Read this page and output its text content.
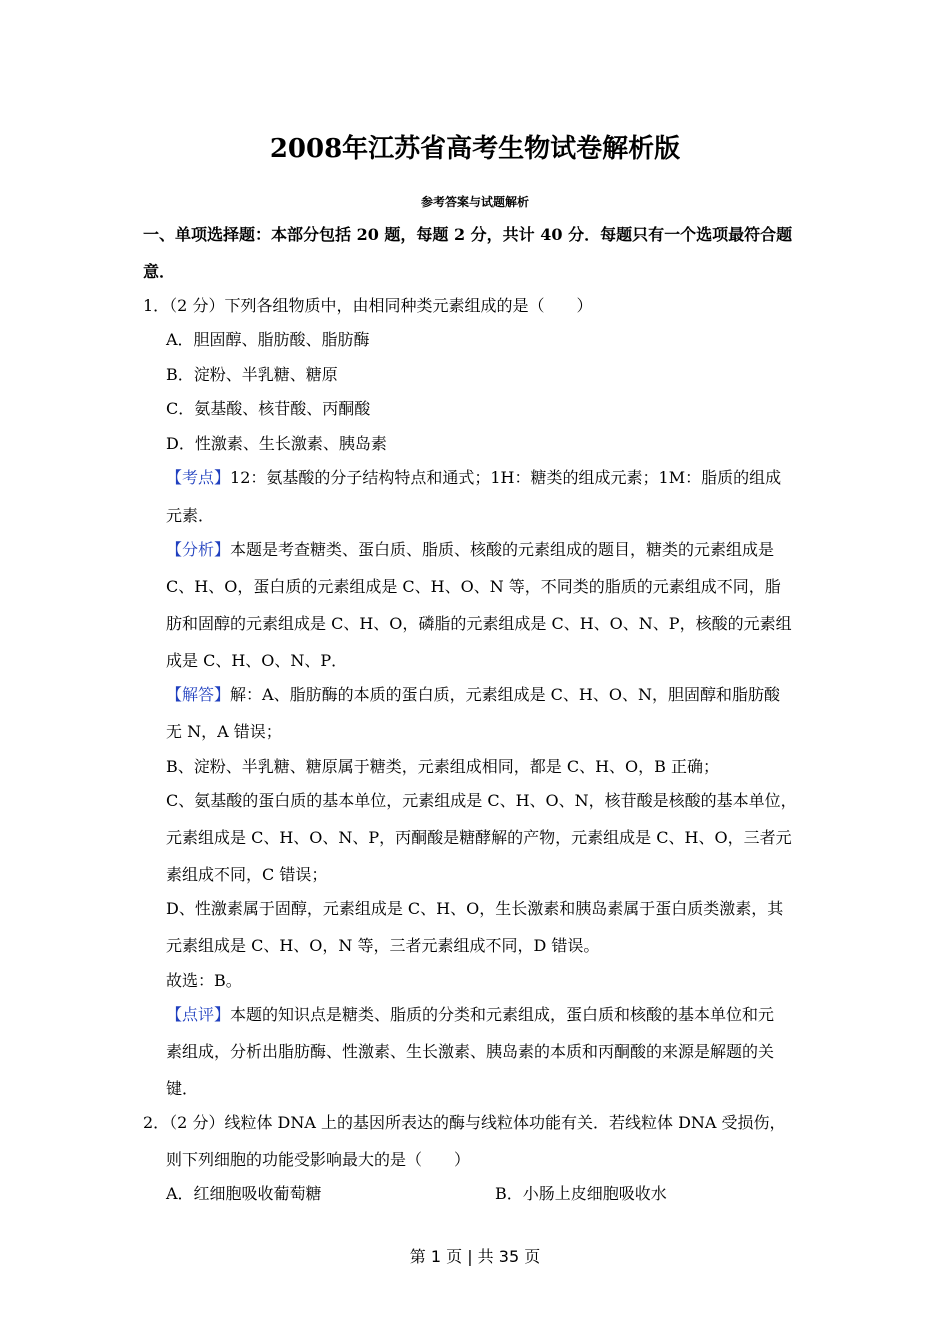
2008年江苏省高考生物试卷解析版
参考答案与试题解析
一、单项选择题：本部分包括 20 题，每题 2 分，共计 40 分．每题只有一个选项最符合题
意．
1．（2 分）下列各组物质中，由相同种类元素组成的是（　　）
A．胆固醇、脂肪酸、脂肪酶
B．淀粉、半乳糖、糖原
C．氨基酸、核苷酸、丙酮酸
D．性激素、生长激素、胰岛素
【考点】12：氨基酸的分子结构特点和通式；1H：糖类的组成元素；1M：脂质的组成
元素．
【分析】本题是考查糖类、蛋白质、脂质、核酸的元素组成的题目，糖类的元素组成是
C、H、O，蛋白质的元素组成是 C、H、O、N 等，不同类的脂质的元素组成不同，脂
肪和固醇的元素组成是 C、H、O，磷脂的元素组成是 C、H、O、N、P，核酸的元素组
成是 C、H、O、N、P．
【解答】解：A、脂肪酶的本质的蛋白质，元素组成是 C、H、O、N，胆固醇和脂肪酸
无 N，A 错误；
B、淀粉、半乳糖、糖原属于糖类，元素组成相同，都是 C、H、O，B 正确；
C、氨基酸的蛋白质的基本单位，元素组成是 C、H、O、N，核苷酸是核酸的基本单位，
元素组成是 C、H、O、N、P，丙酮酸是糖酵解的产物，元素组成是 C、H、O，三者元
素组成不同，C 错误；
D、性激素属于固醇，元素组成是 C、H、O，生长激素和胰岛素属于蛋白质类激素，其
元素组成是 C、H、O，N 等，三者元素组成不同，D 错误。
故选：B。
【点评】本题的知识点是糖类、脂质的分类和元素组成，蛋白质和核酸的基本单位和元
素组成，分析出脂肪酶、性激素、生长激素、胰岛素的本质和丙酮酸的来源是解题的关
键．
2．（2 分）线粒体 DNA 上的基因所表达的酶与线粒体功能有关．若线粒体 DNA 受损伤，
则下列细胞的功能受影响最大的是（　　）
A．红细胞吸收葡萄糖	B．小肠上皮细胞吸收水
第 1 页 | 共 35 页
